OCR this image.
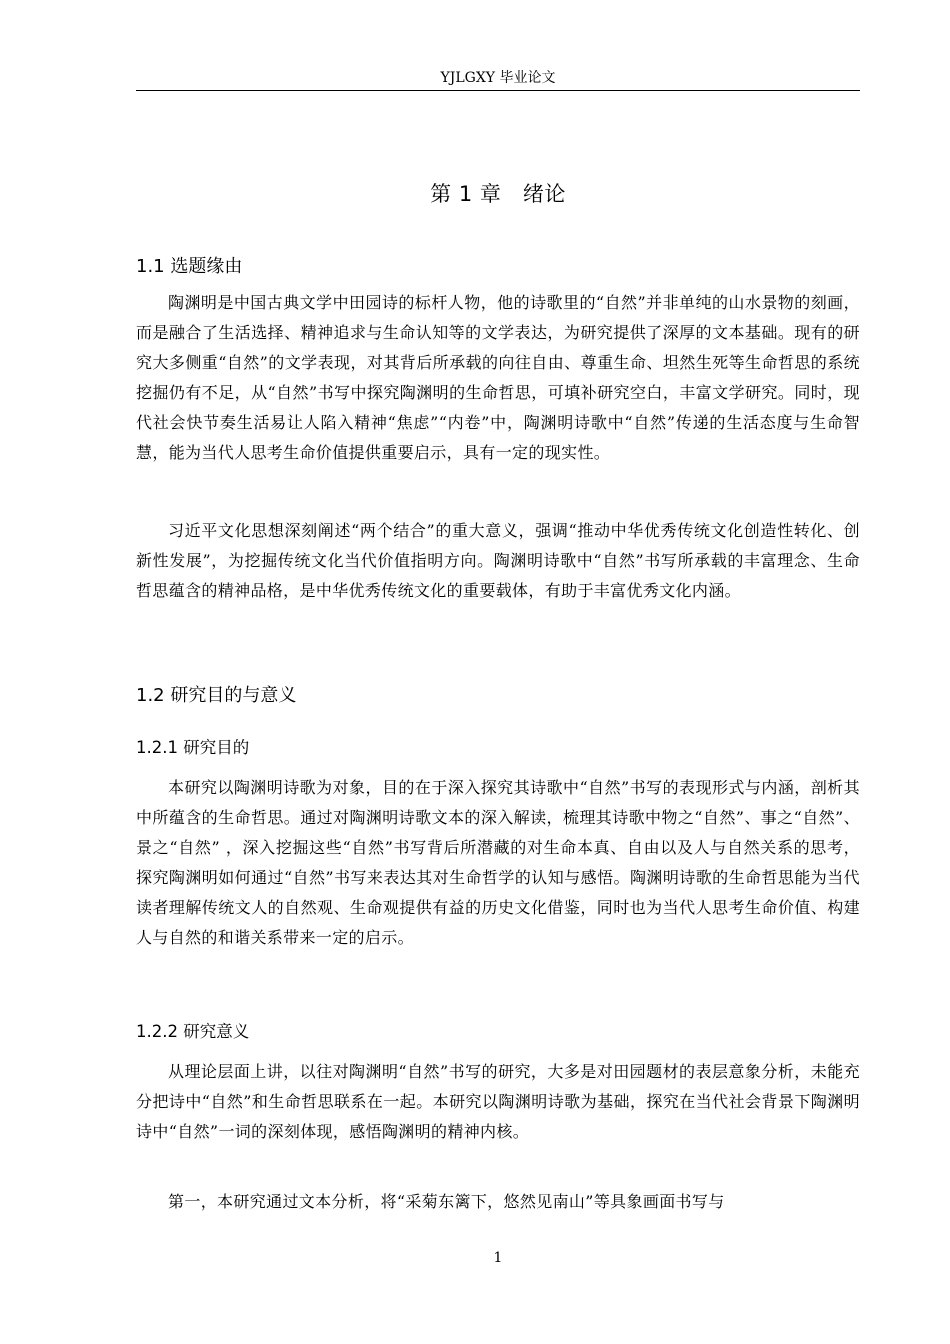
YJLGXY 毕业论文
第 1 章　绪论
1.1 选题缘由

陶渊明是中国古典文学中田园诗的标杆人物，他的诗歌里的“自然”并非单纯的山水景物的刻画，而是融合了生活选择、精神追求与生命认知等的文学表达，为研究提供了深厚的文本基础。现有的研究大多侧重“自然”的文学表现，对其背后所承载的向往自由、尊重生命、坦然生死等生命哲思的系统挖掘仍有不足，从“自然”书写中探究陶渊明的生命哲思，可填补研究空白，丰富文学研究。同时，现代社会快节奏生活易让人陷入精神“焦虑”“内卷”中，陶渊明诗歌中“自然”传递的生活态度与生命智慧，能为当代人思考生命价值提供重要启示，具有一定的现实性。

习近平文化思想深刻阐述“两个结合”的重大意义，强调“推动中华优秀传统文化创造性转化、创新性发展”，为挖掘传统文化当代价值指明方向。陶渊明诗歌中“自然”书写所承载的丰富理念、生命哲思蕴含的精神品格，是中华优秀传统文化的重要载体，有助于丰富优秀文化内涵。

1.2 研究目的与意义
1.2.1 研究目的

本研究以陶渊明诗歌为对象，目的在于深入探究其诗歌中“自然”书写的表现形式与内涵，剖析其中所蕴含的生命哲思。通过对陶渊明诗歌文本的深入解读，梳理其诗歌中物之“自然”、事之“自然”、景之“自然” ，深入挖掘这些“自然”书写背后所潜藏的对生命本真、自由以及人与自然关系的思考，探究陶渊明如何通过“自然”书写来表达其对生命哲学的认知与感悟。陶渊明诗歌的生命哲思能为当代读者理解传统文人的自然观、生命观提供有益的历史文化借鉴，同时也为当代人思考生命价值、构建人与自然的和谐关系带来一定的启示。

1.2.2 研究意义

从理论层面上讲，以往对陶渊明“自然”书写的研究，大多是对田园题材的表层意象分析，未能充分把诗中“自然”和生命哲思联系在一起。本研究以陶渊明诗歌为基础，探究在当代社会背景下陶渊明诗中“自然”一词的深刻体现，感悟陶渊明的精神内核。

第一，本研究通过文本分析，将“采菊东篱下，悠然见南山”等具象画面书写与

1
